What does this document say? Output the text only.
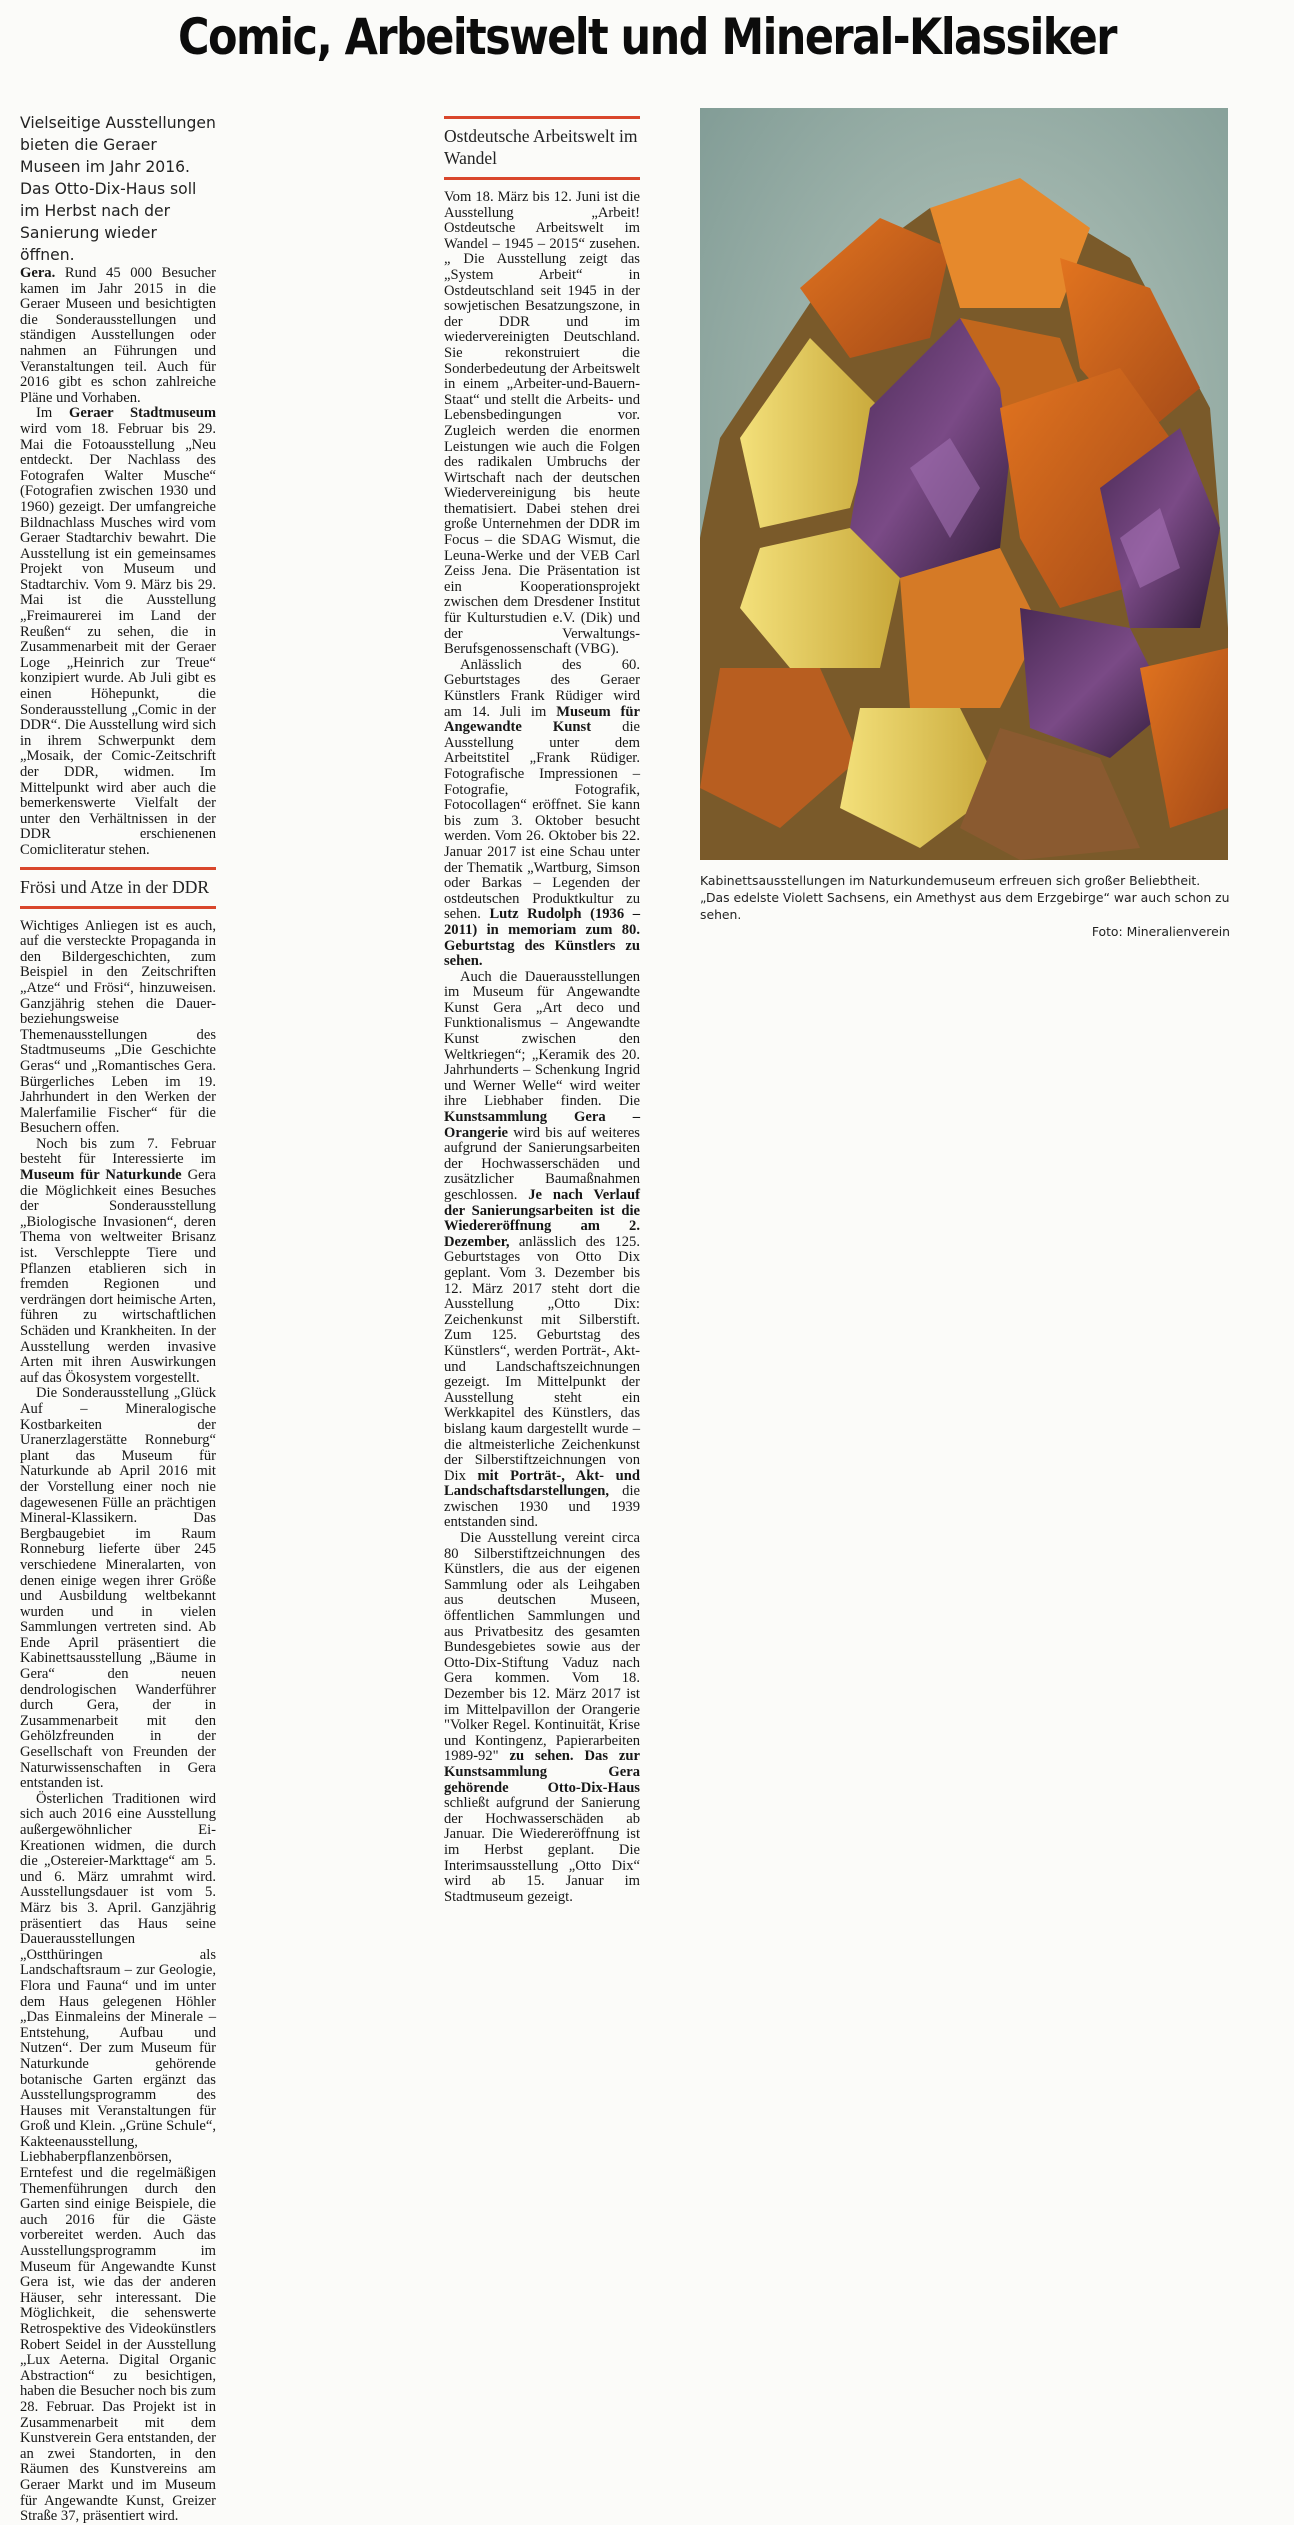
Comic, Arbeitswelt und Mineral-Klassiker

Vielseitige Ausstellungen bieten die Geraer Museen im Jahr 2016. Das Otto-Dix-Haus soll im Herbst nach der Sanierung wieder öffnen.

Gera. Rund 45 000 Besucher kamen im Jahr 2015 in die Geraer Museen und besichtigten die Sonderausstellungen und ständigen Ausstellungen oder nahmen an Führungen und Veranstaltungen teil. Auch für 2016 gibt es schon zahlreiche Pläne und Vorhaben.

Im Geraer Stadtmuseum wird vom 18. Februar bis 29. Mai die Fotoausstellung „Neu entdeckt. Der Nachlass des Fotografen Walter Musche“ (Fotografien zwischen 1930 und 1960) gezeigt. Der umfangreiche Bildnachlass Musches wird vom Geraer Stadtarchiv bewahrt. Die Ausstellung ist ein gemeinsames Projekt von Museum und Stadtarchiv. Vom 9. März bis 29. Mai ist die Ausstellung „Freimaurerei im Land der Reußen“ zu sehen, die in Zusammenarbeit mit der Geraer Loge „Heinrich zur Treue“ konzipiert wurde. Ab Juli gibt es einen Höhepunkt, die Sonderausstellung „Comic in der DDR“. Die Ausstellung wird sich in ihrem Schwerpunkt dem „Mosaik, der Comic-Zeitschrift der DDR, widmen. Im Mittelpunkt wird aber auch die bemerkenswerte Vielfalt der unter den Verhältnissen in der DDR erschienenen Comicliteratur stehen.

Frösi und Atze in der DDR

Wichtiges Anliegen ist es auch, auf die versteckte Propaganda in den Bildergeschichten, zum Beispiel in den Zeitschriften „Atze“ und Frösi“, hinzuweisen. Ganzjährig stehen die Dauer- beziehungsweise Themenausstellungen des Stadtmuseums „Die Geschichte Geras“ und „Romantisches Gera. Bürgerliches Leben im 19. Jahrhundert in den Werken der Malerfamilie Fischer“ für die Besuchern offen.

Noch bis zum 7. Februar besteht für Interessierte im Museum für Naturkunde Gera die Möglichkeit eines Besuches der Sonderausstellung „Biologische Invasionen“, deren Thema von weltweiter Brisanz ist. Verschleppte Tiere und Pflanzen etablieren sich in fremden Regionen und verdrängen dort heimische Arten, führen zu wirtschaftlichen Schäden und Krankheiten. In der Ausstellung werden invasive Arten mit ihren Auswirkungen auf das Ökosystem vorgestellt.

Die Sonderausstellung „Glück Auf – Mineralogische Kostbarkeiten der Uranerzlagerstätte Ronneburg“ plant das Museum für Naturkunde ab April 2016 mit der Vorstellung einer noch nie dagewesenen Fülle an prächtigen Mineral-Klassikern. Das Bergbaugebiet im Raum Ronneburg lieferte über 245 verschiedene Mineralarten, von denen einige wegen ihrer Größe und Ausbildung weltbekannt wurden und in vielen Sammlungen vertreten sind. Ab Ende April präsentiert die Kabinettsausstellung „Bäume in Gera“ den neuen dendrologischen Wanderführer durch Gera, der in Zusammenarbeit mit den Gehölzfreunden in der Gesellschaft von Freunden der Naturwissenschaften in Gera entstanden ist.

Österlichen Traditionen wird sich auch 2016 eine Ausstellung außergewöhnlicher Ei-Kreationen widmen, die durch die „Ostereier-Markttage“ am 5. und 6. März umrahmt wird. Ausstellungsdauer ist vom 5. März bis 3. April. Ganzjährig präsentiert das Haus seine Dauerausstellungen „Ostthüringen als Landschaftsraum – zur Geologie, Flora und Fauna“ und im unter dem Haus gelegenen Höhler „Das Einmaleins der Minerale – Entstehung, Aufbau und Nutzen“. Der zum Museum für Naturkunde gehörende botanische Garten ergänzt das Ausstellungsprogramm des Hauses mit Veranstaltungen für Groß und Klein. „Grüne Schule“, Kakteenausstellung, Liebhaberpflanzenbörsen, Erntefest und die regelmäßigen Themenführungen durch den Garten sind einige Beispiele, die auch 2016 für die Gäste vorbereitet werden. Auch das Ausstellungsprogramm im Museum für Angewandte Kunst Gera ist, wie das der anderen Häuser, sehr interessant. Die Möglichkeit, die sehenswerte Retrospektive des Videokünstlers Robert Seidel in der Ausstellung „Lux Aeterna. Digital Organic Abstraction“ zu besichtigen, haben die Besucher noch bis zum 28. Februar. Das Projekt ist in Zusammenarbeit mit dem Kunstverein Gera entstanden, der an zwei Standorten, in den Räumen des Kunstvereins am Geraer Markt und im Museum für Angewandte Kunst, Greizer Straße 37, präsentiert wird.

Ostdeutsche Arbeitswelt im Wandel

Vom 18. März bis 12. Juni ist die Ausstellung „Arbeit! Ostdeutsche Arbeitswelt im Wandel – 1945 – 2015“ zusehen. „ Die Ausstellung zeigt das „System Arbeit“ in Ostdeutschland seit 1945 in der sowjetischen Besatzungszone, in der DDR und im wiedervereinigten Deutschland. Sie rekonstruiert die Sonderbedeutung der Arbeitswelt in einem „Arbeiter-und-Bauern-Staat“ und stellt die Arbeits- und Lebensbedingungen vor. Zugleich werden die enormen Leistungen wie auch die Folgen des radikalen Umbruchs der Wirtschaft nach der deutschen Wiedervereinigung bis heute thematisiert. Dabei stehen drei große Unternehmen der DDR im Focus – die SDAG Wismut, die Leuna-Werke und der VEB Carl Zeiss Jena. Die Präsentation ist ein Kooperationsprojekt zwischen dem Dresdener Institut für Kulturstudien e.V. (Dik) und der Verwaltungs-Berufsgenossenschaft (VBG).

Anlässlich des 60. Geburtstages des Geraer Künstlers Frank Rüdiger wird am 14. Juli im Museum für Angewandte Kunst die Ausstellung unter dem Arbeitstitel „Frank Rüdiger. Fotografische Impressionen – Fotografie, Fotografik, Fotocollagen“ eröffnet. Sie kann bis zum 3. Oktober besucht werden. Vom 26. Oktober bis 22. Januar 2017 ist eine Schau unter der Thematik „Wartburg, Simson oder Barkas – Legenden der ostdeutschen Produktkultur zu sehen. Lutz Rudolph (1936 – 2011) in memoriam zum 80. Geburtstag des Künstlers zu sehen.

Auch die Dauerausstellungen im Museum für Angewandte Kunst Gera „Art deco und Funktionalismus – Angewandte Kunst zwischen den Weltkriegen“; „Keramik des 20. Jahrhunderts – Schenkung Ingrid und Werner Welle“ wird weiter ihre Liebhaber finden. Die Kunstsammlung Gera – Orangerie wird bis auf weiteres aufgrund der Sanierungsarbeiten der Hochwasserschäden und zusätzlicher Baumaßnahmen geschlossen. Je nach Verlauf der Sanierungsarbeiten ist die Wiedereröffnung am 2. Dezember, anlässlich des 125. Geburtstages von Otto Dix geplant. Vom 3. Dezember bis 12. März 2017 steht dort die Ausstellung „Otto Dix: Zeichenkunst mit Silberstift. Zum 125. Geburtstag des Künstlers“, werden Porträt-, Akt- und Landschaftszeichnungen gezeigt. Im Mittelpunkt der Ausstellung steht ein Werkkapitel des Künstlers, das bislang kaum dargestellt wurde – die altmeisterliche Zeichenkunst der Silberstiftzeichnungen von Dix mit Porträt-, Akt- und Landschaftsdarstellungen, die zwischen 1930 und 1939 entstanden sind.

Die Ausstellung vereint circa 80 Silberstiftzeichnungen des Künstlers, die aus der eigenen Sammlung oder als Leihgaben aus deutschen Museen, öffentlichen Sammlungen und aus Privatbesitz des gesamten Bundesgebietes sowie aus der Otto-Dix-Stiftung Vaduz nach Gera kommen. Vom 18. Dezember bis 12. März 2017 ist im Mittelpavillon der Orangerie "Volker Regel. Kontinuität, Krise und Kontingenz, Papierarbeiten 1989-92" zu sehen. Das zur Kunstsammlung Gera gehörende Otto-Dix-Haus schließt aufgrund der Sanierung der Hochwasserschäden ab Januar. Die Wiedereröffnung ist im Herbst geplant. Die Interimsausstellung „Otto Dix“ wird ab 15. Januar im Stadtmuseum gezeigt.

Kabinettsausstellungen im Naturkundemuseum erfreuen sich großer Beliebtheit. „Das edelste Violett Sachsens, ein Amethyst aus dem Erzgebirge“ war auch schon zu sehen.

Foto: Mineralienverein
